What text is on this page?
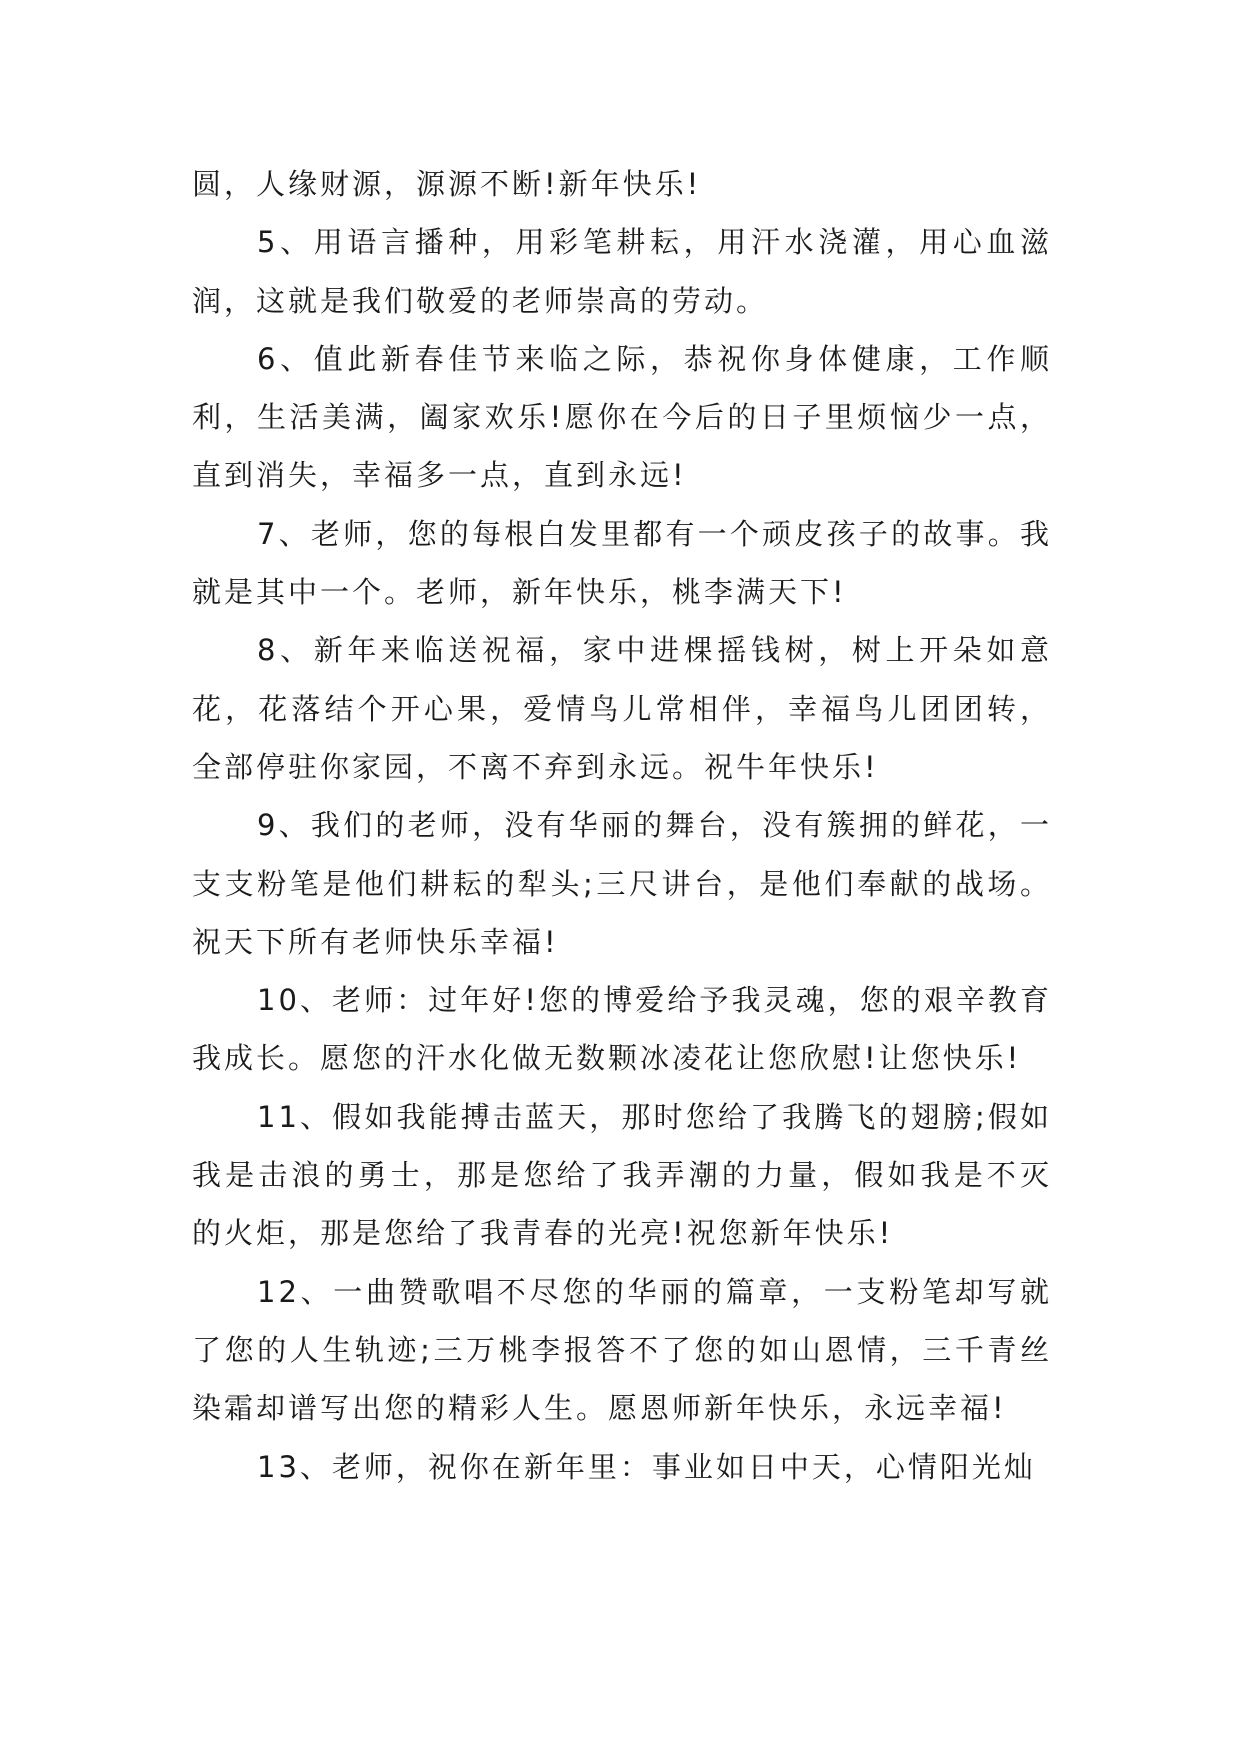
圆，人缘财源，源源不断!新年快乐!

5、用语言播种，用彩笔耕耘，用汗水浇灌，用心血滋润，这就是我们敬爱的老师崇高的劳动。

6、值此新春佳节来临之际，恭祝你身体健康，工作顺利，生活美满，阖家欢乐!愿你在今后的日子里烦恼少一点，直到消失，幸福多一点，直到永远!

7、老师，您的每根白发里都有一个顽皮孩子的故事。我就是其中一个。老师，新年快乐，桃李满天下!

8、新年来临送祝福，家中进棵摇钱树，树上开朵如意花，花落结个开心果，爱情鸟儿常相伴，幸福鸟儿团团转，全部停驻你家园，不离不弃到永远。祝牛年快乐!

9、我们的老师，没有华丽的舞台，没有簇拥的鲜花，一支支粉笔是他们耕耘的犁头;三尺讲台，是他们奉献的战场。祝天下所有老师快乐幸福!

10、老师：过年好!您的博爱给予我灵魂，您的艰辛教育我成长。愿您的汗水化做无数颗冰凌花让您欣慰!让您快乐!

11、假如我能搏击蓝天，那时您给了我腾飞的翅膀;假如我是击浪的勇士，那是您给了我弄潮的力量，假如我是不灭的火炬，那是您给了我青春的光亮!祝您新年快乐!

12、一曲赞歌唱不尽您的华丽的篇章，一支粉笔却写就了您的人生轨迹;三万桃李报答不了您的如山恩情，三千青丝染霜却谱写出您的精彩人生。愿恩师新年快乐，永远幸福!

13、老师，祝你在新年里：事业如日中天，心情阳光灿
